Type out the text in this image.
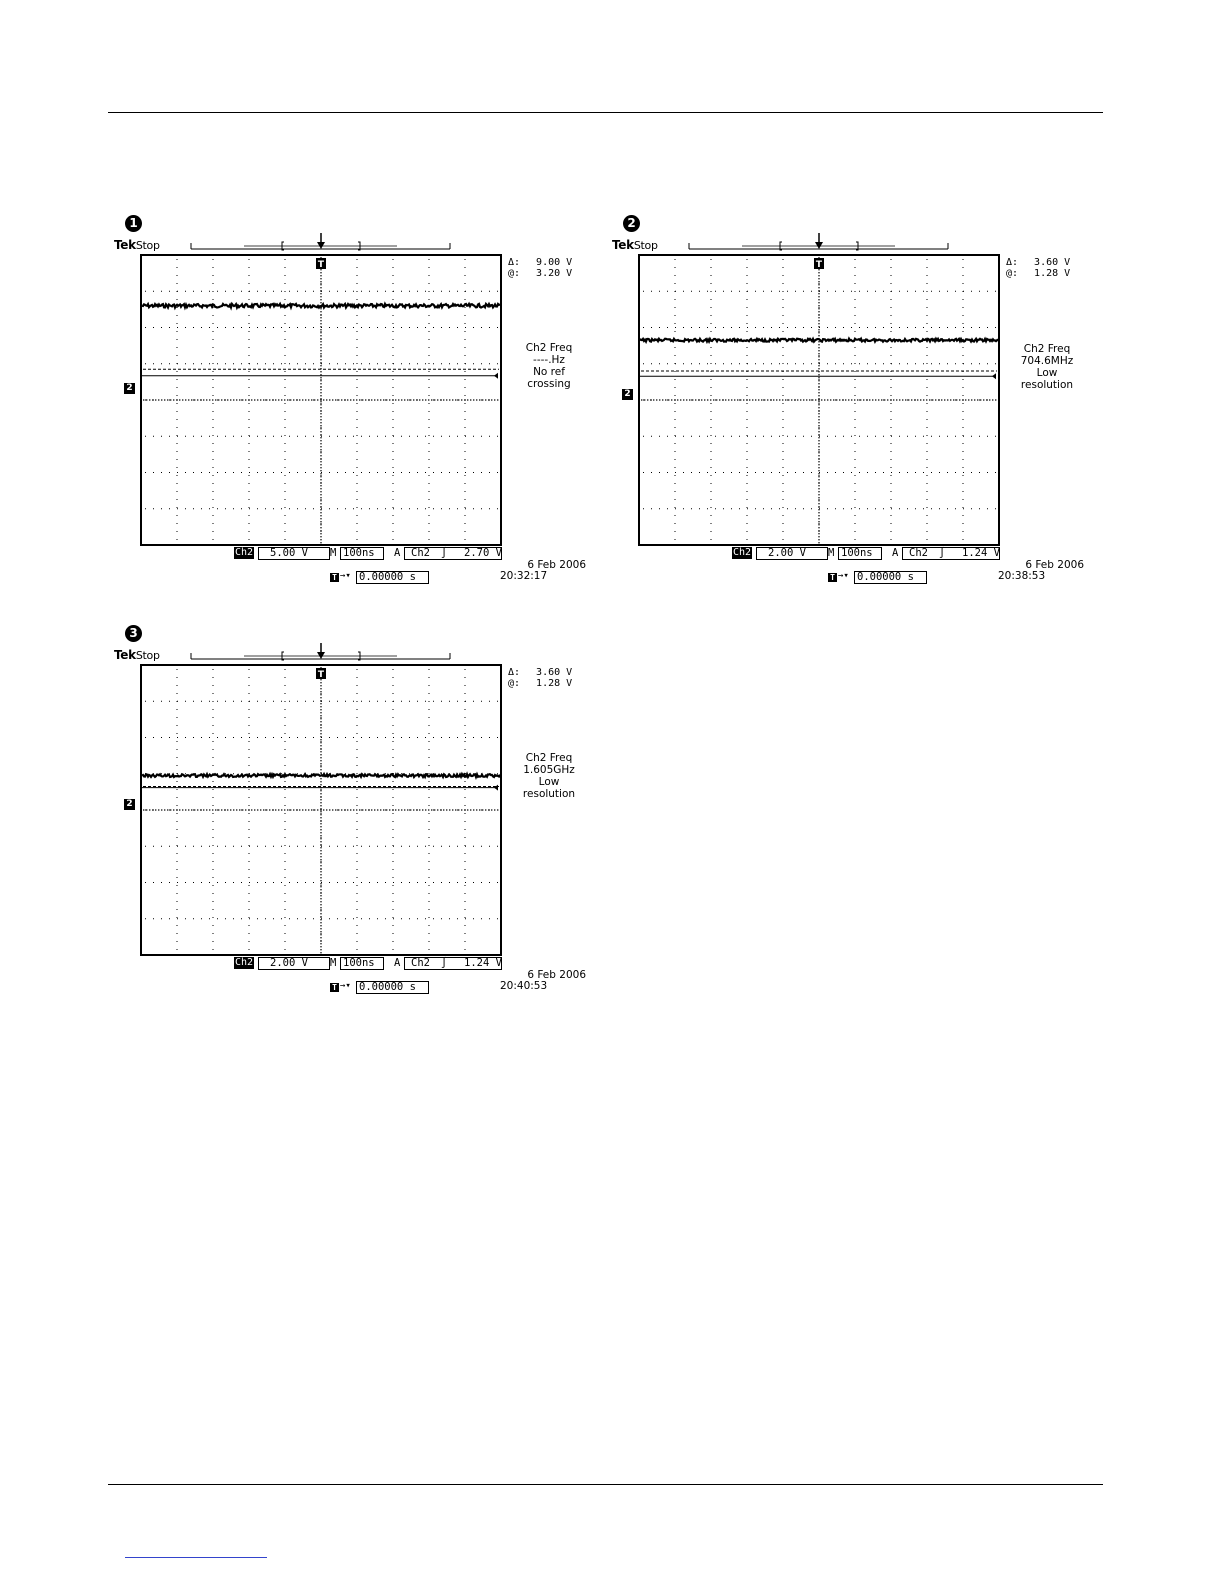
1
TekStop
T
2
Δ: 9.00 V
@: 3.20 V
Ch2 Freq
----.Hz
No ref
crossing
Ch2 5.00 V M 100ns A Ch2 ∫ 2.70 V
6 Feb 2006
20:32:17
T →▾ 0.00000 s
2
TekStop
T
2
Δ: 3.60 V
@: 1.28 V
Ch2 Freq
704.6MHz
Low
resolution
Ch2 2.00 V M 100ns A Ch2 ∫ 1.24 V
6 Feb 2006
20:38:53
T →▾ 0.00000 s
3
TekStop
T
2
Δ: 3.60 V
@: 1.28 V
Ch2 Freq
1.605GHz
Low
resolution
Ch2 2.00 V M 100ns A Ch2 ∫ 1.24 V
6 Feb 2006
20:40:53
T →▾ 0.00000 s
